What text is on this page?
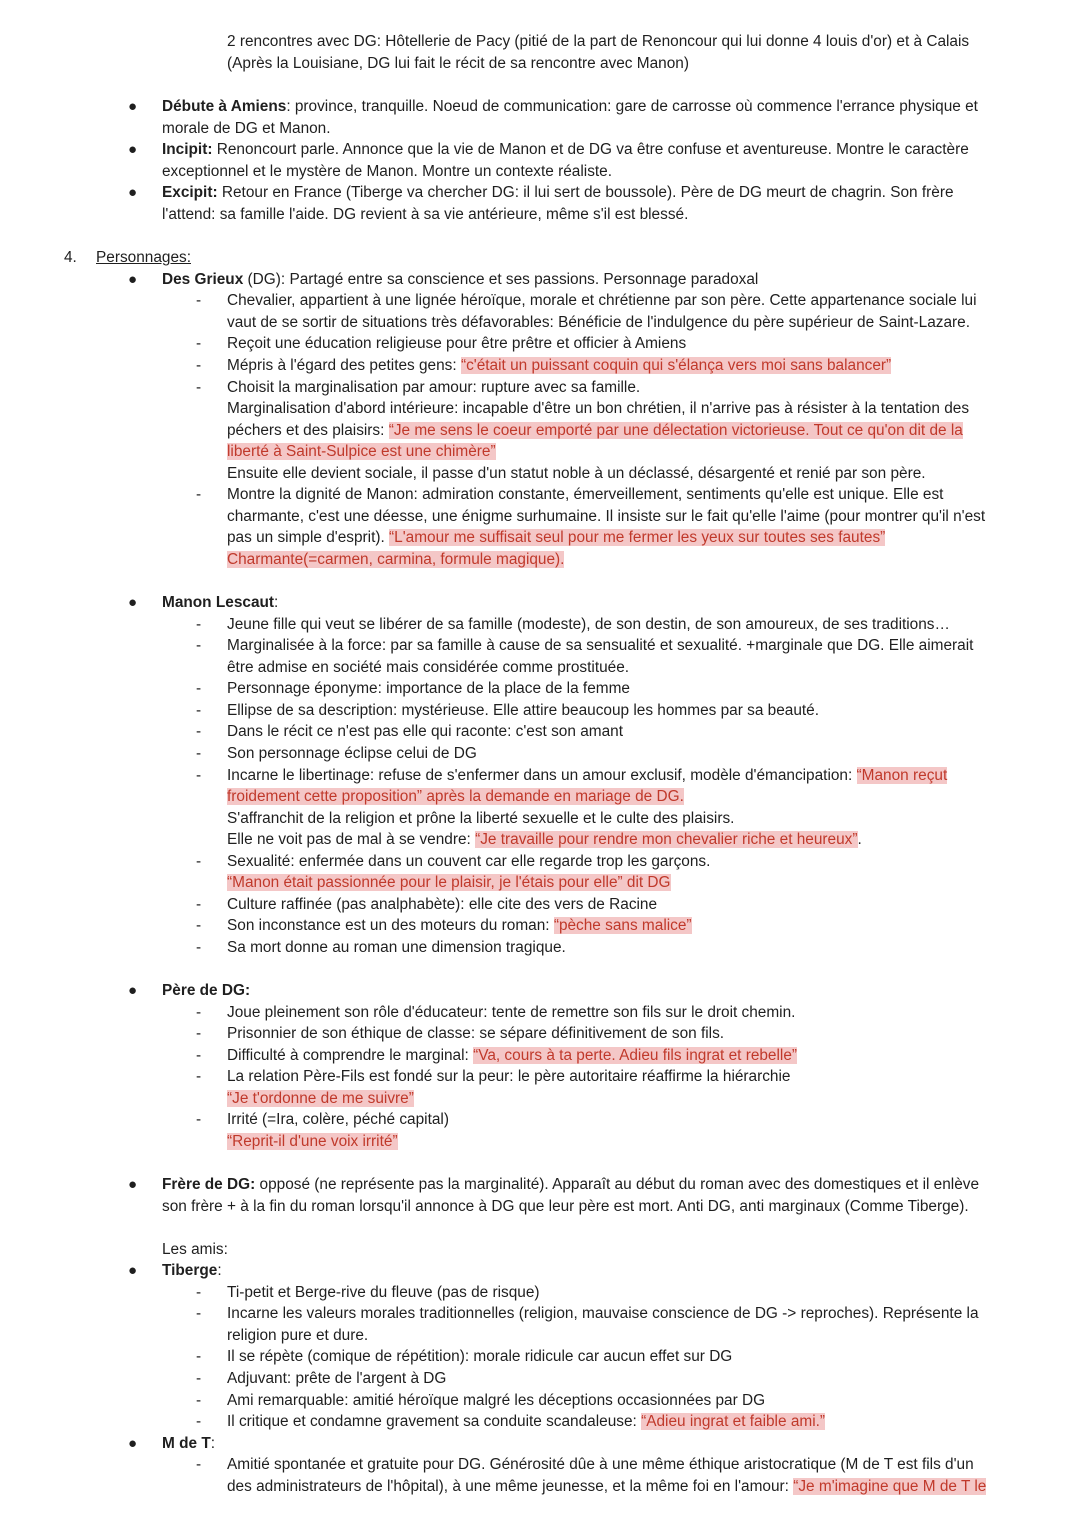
2 rencontres avec DG: Hôtellerie de Pacy (pitié de la part de Renoncour qui lui donne 4 louis d'or) et à Calais
(Après la Louisiane, DG lui fait le récit de sa rencontre avec Manon)
● Débute à Amiens: province, tranquille. Noeud de communication: gare de carrosse où commence l'errance physique et
morale de DG et Manon.
● Incipit: Renoncourt parle. Annonce que la vie de Manon et de DG va être confuse et aventureuse. Montre le caractère
exceptionnel et le mystère de Manon. Montre un contexte réaliste.
● Excipit: Retour en France (Tiberge va chercher DG: il lui sert de boussole). Père de DG meurt de chagrin. Son frère
l'attend: sa famille l'aide. DG revient à sa vie antérieure, même s'il est blessé.
4. Personnages:
● Des Grieux (DG): Partagé entre sa conscience et ses passions. Personnage paradoxal
- Chevalier, appartient à une lignée héroïque, morale et chrétienne par son père. Cette appartenance sociale lui
vaut de se sortir de situations très défavorables: Bénéficie de l'indulgence du père supérieur de Saint-Lazare.
- Reçoit une éducation religieuse pour être prêtre et officier à Amiens
- Mépris à l'égard des petites gens: “c'était un puissant coquin qui s'élança vers moi sans balancer”
- Choisit la marginalisation par amour: rupture avec sa famille.
Marginalisation d'abord intérieure: incapable d'être un bon chrétien, il n'arrive pas à résister à la tentation des
péchers et des plaisirs: “Je me sens le coeur emporté par une délectation victorieuse. Tout ce qu'on dit de la
liberté à Saint-Sulpice est une chimère”
Ensuite elle devient sociale, il passe d'un statut noble à un déclassé, désargenté et renié par son père.
- Montre la dignité de Manon: admiration constante, émerveillement, sentiments qu'elle est unique. Elle est
charmante, c'est une déesse, une énigme surhumaine. Il insiste sur le fait qu'elle l'aime (pour montrer qu'il n'est
pas un simple d'esprit). “L'amour me suffisait seul pour me fermer les yeux sur toutes ses fautes”
Charmante(=carmen, carmina, formule magique).
● Manon Lescaut:
- Jeune fille qui veut se libérer de sa famille (modeste), de son destin, de son amoureux, de ses traditions…
- Marginalisée à la force: par sa famille à cause de sa sensualité et sexualité. +marginale que DG. Elle aimerait
être admise en société mais considérée comme prostituée.
- Personnage éponyme: importance de la place de la femme
- Ellipse de sa description: mystérieuse. Elle attire beaucoup les hommes par sa beauté.
- Dans le récit ce n'est pas elle qui raconte: c'est son amant
- Son personnage éclipse celui de DG
- Incarne le libertinage: refuse de s'enfermer dans un amour exclusif, modèle d'émancipation: “Manon reçut
froidement cette proposition” après la demande en mariage de DG.
S'affranchit de la religion et prône la liberté sexuelle et le culte des plaisirs.
Elle ne voit pas de mal à se vendre: “Je travaille pour rendre mon chevalier riche et heureux”.
- Sexualité: enfermée dans un couvent car elle regarde trop les garçons.
“Manon était passionnée pour le plaisir, je l'étais pour elle” dit DG
- Culture raffinée (pas analphabète): elle cite des vers de Racine
- Son inconstance est un des moteurs du roman: “pèche sans malice”
- Sa mort donne au roman une dimension tragique.
● Père de DG:
- Joue pleinement son rôle d'éducateur: tente de remettre son fils sur le droit chemin.
- Prisonnier de son éthique de classe: se sépare définitivement de son fils.
- Difficulté à comprendre le marginal: “Va, cours à ta perte. Adieu fils ingrat et rebelle”
- La relation Père-Fils est fondé sur la peur: le père autoritaire réaffirme la hiérarchie
“Je t'ordonne de me suivre”
- Irrité (=Ira, colère, péché capital)
“Reprit-il d'une voix irrité”
● Frère de DG: opposé (ne représente pas la marginalité). Apparaît au début du roman avec des domestiques et il enlève
son frère + à la fin du roman lorsqu'il annonce à DG que leur père est mort. Anti DG, anti marginaux (Comme Tiberge).
Les amis:
● Tiberge:
- Ti-petit et Berge-rive du fleuve (pas de risque)
- Incarne les valeurs morales traditionnelles (religion, mauvaise conscience de DG -> reproches). Représente la
religion pure et dure.
- Il se répète (comique de répétition): morale ridicule car aucun effet sur DG
- Adjuvant: prête de l'argent à DG
- Ami remarquable: amitié héroïque malgré les déceptions occasionnées par DG
- Il critique et condamne gravement sa conduite scandaleuse: “Adieu ingrat et faible ami.”
● M de T:
- Amitié spontanée et gratuite pour DG. Générosité dûe à une même éthique aristocratique (M de T est fils d'un
des administrateurs de l'hôpital), à une même jeunesse, et la même foi en l'amour: “Je m'imagine que M de T le
